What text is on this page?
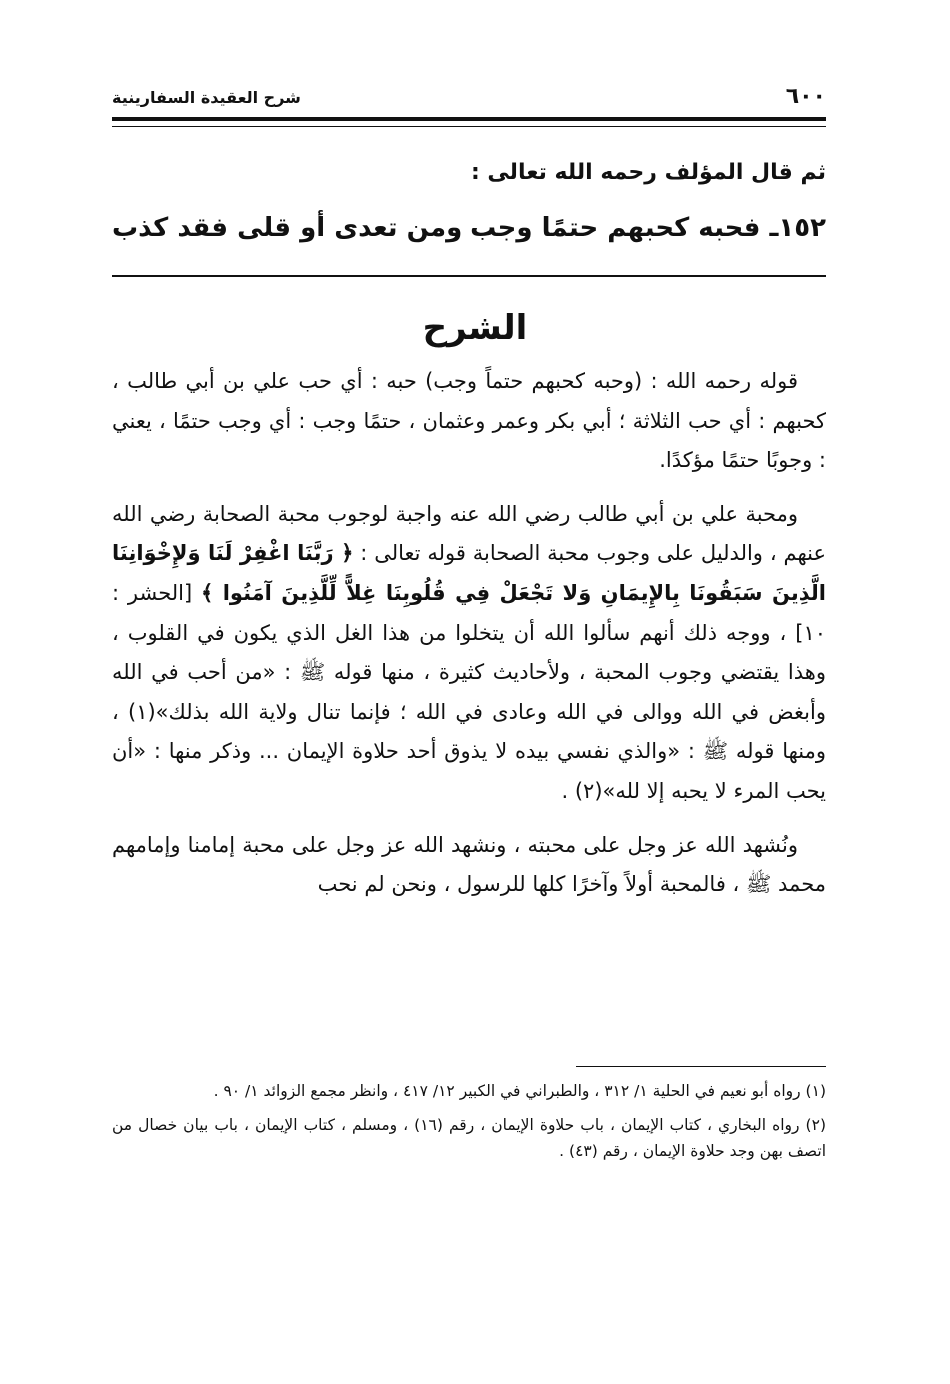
٦٠٠
شرح العقيدة السفارينية
ثم قال المؤلف رحمه الله تعالى :
١٥٢ـ فحبه كحبهم حتمًا وجب
ومن تعدى أو قلى فقد كذب
الشرح

قوله رحمه الله : (وحبه كحبهم حتماً وجب) حبه : أي حب علي بن أبي طالب ، كحبهم : أي حب الثلاثة ؛ أبي بكر وعمر وعثمان ، حتمًا وجب : أي وجب حتمًا ، يعني : وجوبًا حتمًا مؤكدًا.

ومحبة علي بن أبي طالب رضي الله عنه واجبة لوجوب محبة الصحابة رضي الله عنهم ، والدليل على وجوب محبة الصحابة قوله تعالى : ﴿ رَبَّنَا اغْفِرْ لَنَا وَلإِخْوَانِنَا الَّذِينَ سَبَقُونَا بِالإِيمَانِ وَلا تَجْعَلْ فِي قُلُوبِنَا غِلاًّ لِّلَّذِينَ آمَنُوا ﴾ [الحشر : ١٠] ، ووجه ذلك أنهم سألوا الله أن يتخلوا من هذا الغل الذي يكون في القلوب ، وهذا يقتضي وجوب المحبة ، ولأحاديث كثيرة ، منها قوله ﷺ : «من أحب في الله وأبغض في الله ووالى في الله وعادى في الله ؛ فإنما تنال ولاية الله بذلك»(١) ، ومنها قوله ﷺ : «والذي نفسي بيده لا يذوق أحد حلاوة الإيمان ... وذكر منها : «أن يحب المرء لا يحبه إلا لله»(٢) .

ونُشهد الله عز وجل على محبته ، ونشهد الله عز وجل على محبة إمامنا وإمامهم محمد ﷺ ، فالمحبة أولاً وآخرًا كلها للرسول ، ونحن لم نحب

(١) رواه أبو نعيم في الحلية ١/ ٣١٢ ، والطبراني في الكبير ١٢/ ٤١٧ ، وانظر مجمع الزوائد ١/ ٩٠ .

(٢) رواه البخاري ، كتاب الإيمان ، باب حلاوة الإيمان ، رقم (١٦) ، ومسلم ، كتاب الإيمان ، باب بيان خصال من اتصف بهن وجد حلاوة الإيمان ، رقم (٤٣) .
